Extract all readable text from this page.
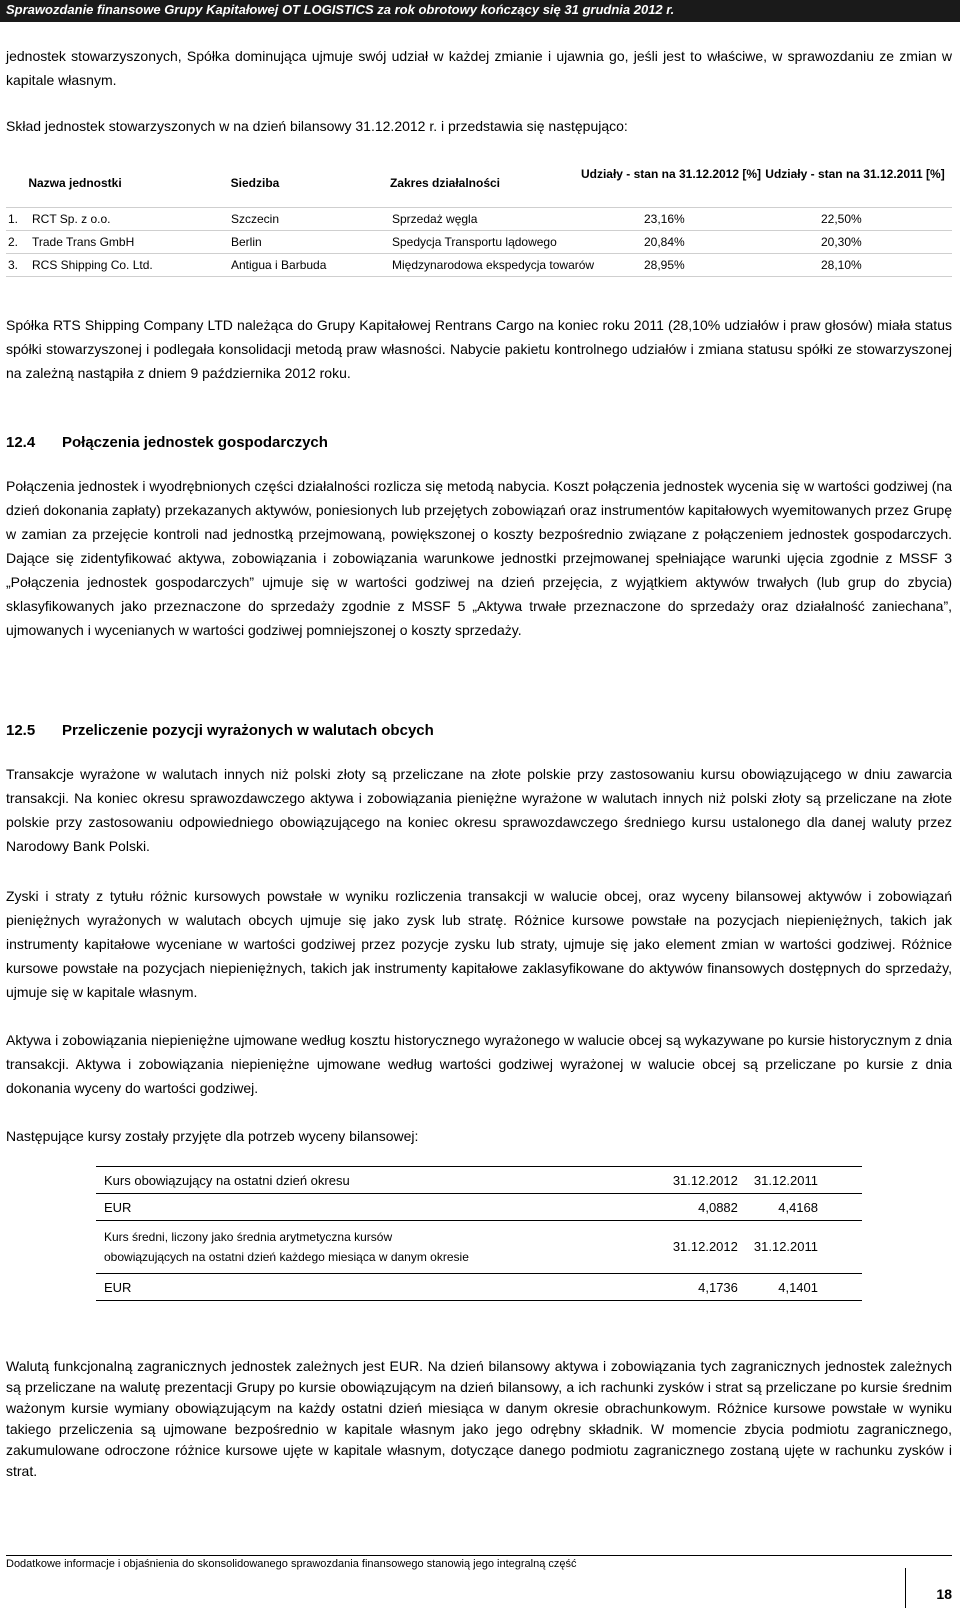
Sprawozdanie finansowe Grupy Kapitałowej OT LOGISTICS za rok obrotowy kończący się 31 grudnia 2012 r.
jednostek stowarzyszonych, Spółka dominująca ujmuje swój udział w każdej zmianie i ujawnia go, jeśli jest to właściwe, w sprawozdaniu ze zmian w kapitale własnym.
Skład jednostek stowarzyszonych w na dzień bilansowy 31.12.2012 r. i przedstawia się następująco:
Nazwa jednostki	Siedziba	Zakres działalności
Udziały - stan na 31.12.2012 [%] Udziały - stan na 31.12.2011 [%]
1. RCT Sp. z o.o.	Szczecin	Sprzedaż węgla	23,16%	22,50%
2. Trade Trans GmbH	Berlin	Spedycja Transportu lądowego	20,84%	20,30%
3. RCS Shipping Co. Ltd.	Antigua i Barbuda	Międzynarodowa ekspedycja towarów	28,95%	28,10%
Spółka RTS Shipping Company LTD należąca do Grupy Kapitałowej Rentrans Cargo na koniec roku 2011 (28,10% udziałów i praw głosów) miała status spółki stowarzyszonej i podlegała konsolidacji metodą praw własności. Nabycie pakietu kontrolnego udziałów i zmiana statusu spółki ze stowarzyszonej na zależną nastąpiła z dniem 9 października 2012 roku.
12.4 Połączenia jednostek gospodarczych
Połączenia jednostek i wyodrębnionych części działalności rozlicza się metodą nabycia. Koszt połączenia jednostek wycenia się w wartości godziwej (na dzień dokonania zapłaty) przekazanych aktywów, poniesionych lub przejętych zobowiązań oraz instrumentów kapitałowych wyemitowanych przez Grupę w zamian za przejęcie kontroli nad jednostką przejmowaną, powiększonej o koszty bezpośrednio związane z połączeniem jednostek gospodarczych. Dające się zidentyfikować aktywa, zobowiązania i zobowiązania warunkowe jednostki przejmowanej spełniające warunki ujęcia zgodnie z MSSF 3 „Połączenia jednostek gospodarczych” ujmuje się w wartości godziwej na dzień przejęcia, z wyjątkiem aktywów trwałych (lub grup do zbycia) sklasyfikowanych jako przeznaczone do sprzedaży zgodnie z MSSF 5 „Aktywa trwałe przeznaczone do sprzedaży oraz działalność zaniechana”, ujmowanych i wycenianych w wartości godziwej pomniejszonej o koszty sprzedaży.
12.5 Przeliczenie pozycji wyrażonych w walutach obcych
Transakcje wyrażone w walutach innych niż polski złoty są przeliczane na złote polskie przy zastosowaniu kursu obowiązującego w dniu zawarcia transakcji. Na koniec okresu sprawozdawczego aktywa i zobowiązania pieniężne wyrażone w walutach innych niż polski złoty są przeliczane na złote polskie przy zastosowaniu odpowiedniego obowiązującego na koniec okresu sprawozdawczego średniego kursu ustalonego dla danej waluty przez Narodowy Bank Polski.
Zyski i straty z tytułu różnic kursowych powstałe w wyniku rozliczenia transakcji w walucie obcej, oraz wyceny bilansowej aktywów i zobowiązań pieniężnych wyrażonych w walutach obcych ujmuje się jako zysk lub stratę. Różnice kursowe powstałe na pozycjach niepieniężnych, takich jak instrumenty kapitałowe wyceniane w wartości godziwej przez pozycje zysku lub straty, ujmuje się jako element zmian w wartości godziwej. Różnice kursowe powstałe na pozycjach niepieniężnych, takich jak instrumenty kapitałowe zaklasyfikowane do aktywów finansowych dostępnych do sprzedaży, ujmuje się w kapitale własnym.
Aktywa i zobowiązania niepieniężne ujmowane według kosztu historycznego wyrażonego w walucie obcej są wykazywane po kursie historycznym z dnia transakcji. Aktywa i zobowiązania niepieniężne ujmowane według wartości godziwej wyrażonej w walucie obcej są przeliczane po kursie z dnia dokonania wyceny do wartości godziwej.
Następujące kursy zostały przyjęte dla potrzeb wyceny bilansowej:
Kurs obowiązujący na ostatni dzień okresu	31.12.2012	31.12.2011
EUR	4,0882	4,4168
Kurs średni, liczony jako średnia arytmetyczna kursów obowiązujących na ostatni dzień każdego miesiąca w danym okresie	31.12.2012	31.12.2011
EUR	4,1736	4,1401
Walutą funkcjonalną zagranicznych jednostek zależnych jest EUR. Na dzień bilansowy aktywa i zobowiązania tych zagranicznych jednostek zależnych są przeliczane na walutę prezentacji Grupy po kursie obowiązującym na dzień bilansowy, a ich rachunki zysków i strat są przeliczane po kursie średnim ważonym kursie wymiany obowiązującym na każdy ostatni dzień miesiąca w danym okresie obrachunkowym. Różnice kursowe powstałe w wyniku takiego przeliczenia są ujmowane bezpośrednio w kapitale własnym jako jego odrębny składnik. W momencie zbycia podmiotu zagranicznego, zakumulowane odroczone różnice kursowe ujęte w kapitale własnym, dotyczące danego podmiotu zagranicznego zostaną ujęte w rachunku zysków i strat.
Dodatkowe informacje i objaśnienia do skonsolidowanego sprawozdania finansowego stanowią jego integralną część
18
